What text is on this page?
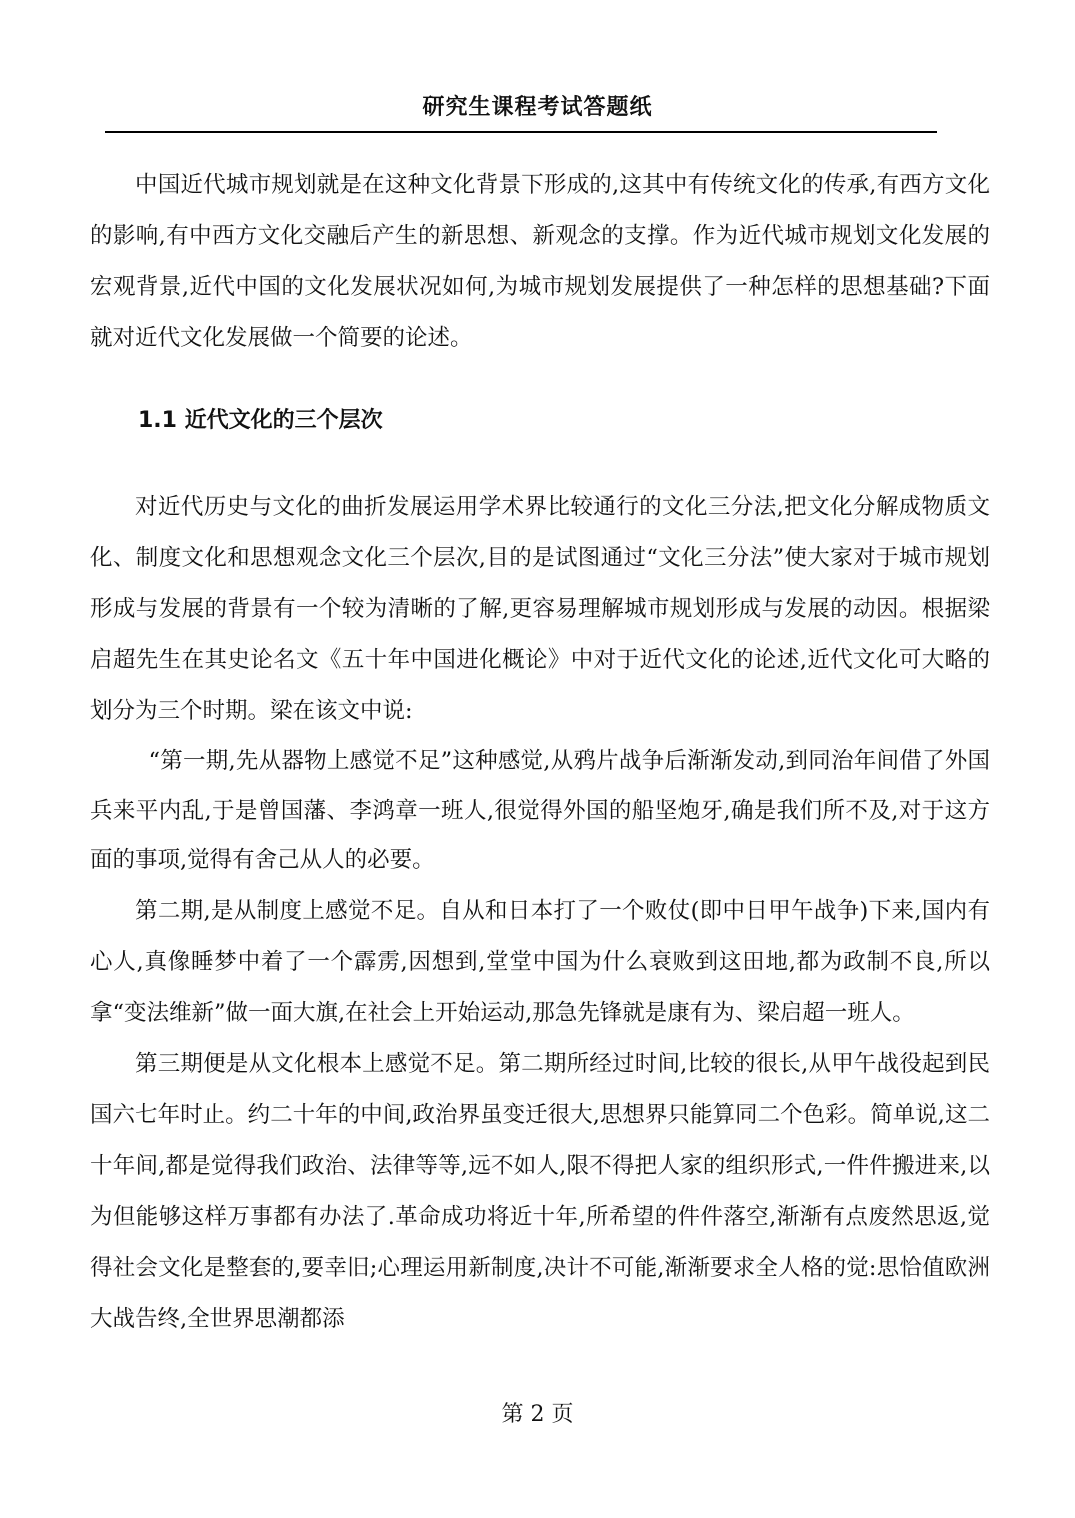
研究生课程考试答题纸

中国近代城市规划就是在这种文化背景下形成的,这其中有传统文化的传承,有西方文化的影响,有中西方文化交融后产生的新思想、新观念的支撑。作为近代城市规划文化发展的宏观背景,近代中国的文化发展状况如何,为城市规划发展提供了一种怎样的思想基础?下面就对近代文化发展做一个简要的论述。

1.1 近代文化的三个层次

对近代历史与文化的曲折发展运用学术界比较通行的文化三分法,把文化分解成物质文化、制度文化和思想观念文化三个层次,目的是试图通过“文化三分法”使大家对于城市规划形成与发展的背景有一个较为清晰的了解,更容易理解城市规划形成与发展的动因。根据梁启超先生在其史论名文《五十年中国进化概论》中对于近代文化的论述,近代文化可大略的划分为三个时期。梁在该文中说:

“第一期,先从器物上感觉不足”这种感觉,从鸦片战争后渐渐发动,到同治年间借了外国兵来平内乱,于是曾国藩、李鸿章一班人,很觉得外国的船坚炮牙,确是我们所不及,对于这方面的事项,觉得有舍己从人的必要。

第二期,是从制度上感觉不足。自从和日本打了一个败仗(即中日甲午战争)下来,国内有心人,真像睡梦中着了一个霹雳,因想到,堂堂中国为什么衰败到这田地,都为政制不良,所以拿“变法维新”做一面大旗,在社会上开始运动,那急先锋就是康有为、梁启超一班人。

第三期便是从文化根本上感觉不足。第二期所经过时间,比较的很长,从甲午战役起到民国六七年时止。约二十年的中间,政治界虽变迁很大,思想界只能算同二个色彩。简单说,这二十年间,都是觉得我们政治、法律等等,远不如人,限不得把人家的组织形式,一件件搬进来,以为但能够这样万事都有办法了.革命成功将近十年,所希望的件件落空,渐渐有点废然思返,觉得社会文化是整套的,要幸旧;心理运用新制度,决计不可能,渐渐要求全人格的觉:思恰值欧洲大战告终,全世界思潮都添

第 2 页
